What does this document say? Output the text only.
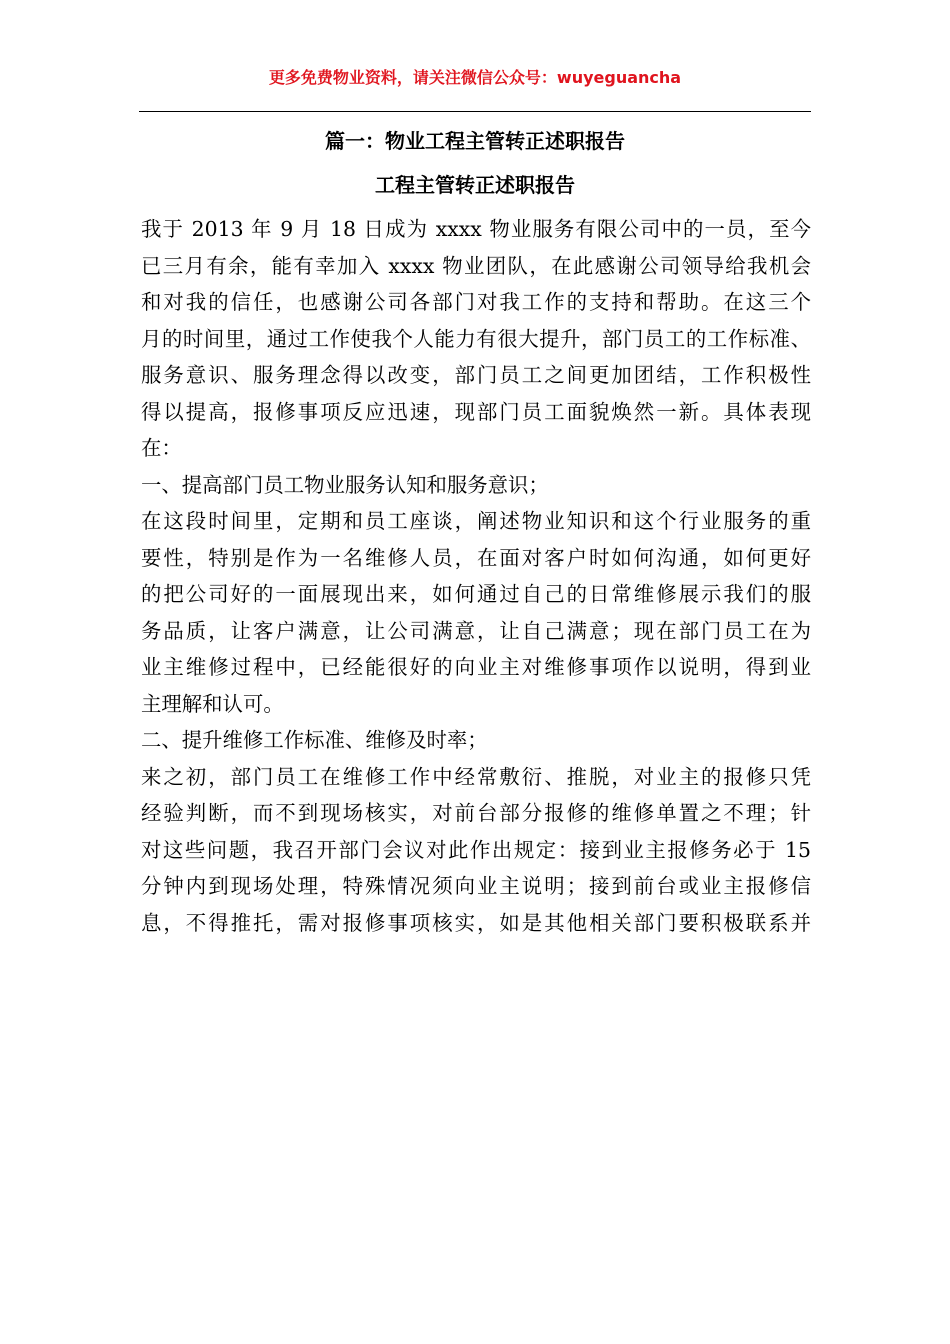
更多免费物业资料，请关注微信公众号：wuyeguancha
篇一：物业工程主管转正述职报告
工程主管转正述职报告

我于 2013 年 9 月 18 日成为 xxxx 物业服务有限公司中的一员，至今

已三月有余，能有幸加入 xxxx 物业团队，在此感谢公司领导给我机会

和对我的信任，也感谢公司各部门对我工作的支持和帮助。在这三个

月的时间里，通过工作使我个人能力有很大提升，部门员工的工作标准、

服务意识、服务理念得以改变，部门员工之间更加团结，工作积极性

得以提高，报修事项反应迅速，现部门员工面貌焕然一新。具体表现

在：

一、提高部门员工物业服务认知和服务意识；

在这段时间里，定期和员工座谈，阐述物业知识和这个行业服务的重

要性，特别是作为一名维修人员，在面对客户时如何沟通，如何更好

的把公司好的一面展现出来，如何通过自己的日常维修展示我们的服

务品质，让客户满意，让公司满意，让自己满意；现在部门员工在为

业主维修过程中，已经能很好的向业主对维修事项作以说明，得到业

主理解和认可。

二、提升维修工作标准、维修及时率；

来之初，部门员工在维修工作中经常敷衍、推脱，对业主的报修只凭

经验判断，而不到现场核实，对前台部分报修的维修单置之不理；针

对这些问题，我召开部门会议对此作出规定：接到业主报修务必于 15

分钟内到现场处理，特殊情况须向业主说明；接到前台或业主报修信

息，不得推托，需对报修事项核实，如是其他相关部门要积极联系并
